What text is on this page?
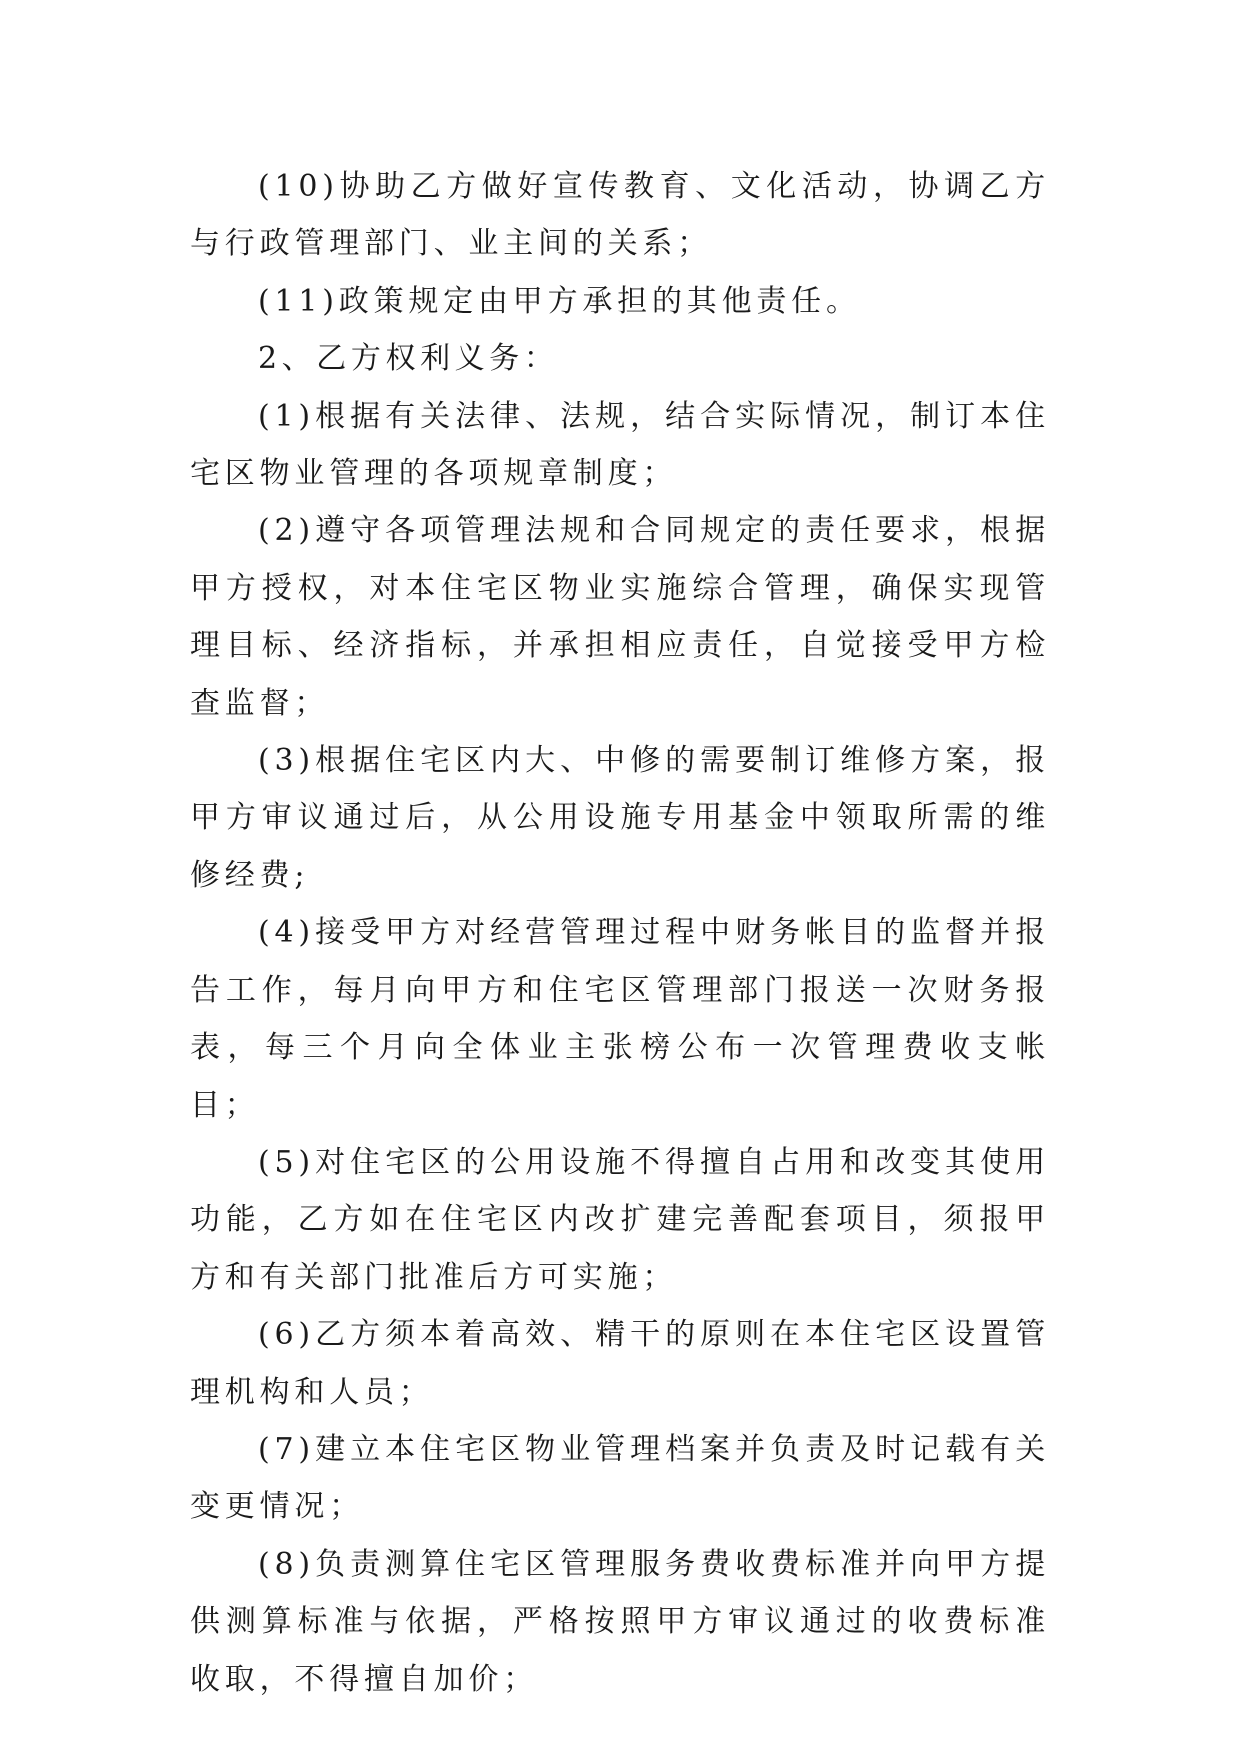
(10)协助乙方做好宣传教育、文化活动，协调乙方与行政管理部门、业主间的关系；

(11)政策规定由甲方承担的其他责任。

2、乙方权利义务：

(1)根据有关法律、法规，结合实际情况，制订本住宅区物业管理的各项规章制度；

(2)遵守各项管理法规和合同规定的责任要求，根据甲方授权，对本住宅区物业实施综合管理，确保实现管理目标、经济指标，并承担相应责任，自觉接受甲方检查监督；

(3)根据住宅区内大、中修的需要制订维修方案，报甲方审议通过后，从公用设施专用基金中领取所需的维修经费;

(4)接受甲方对经营管理过程中财务帐目的监督并报告工作，每月向甲方和住宅区管理部门报送一次财务报表，每三个月向全体业主张榜公布一次管理费收支帐目；

(5)对住宅区的公用设施不得擅自占用和改变其使用功能，乙方如在住宅区内改扩建完善配套项目，须报甲方和有关部门批准后方可实施；

(6)乙方须本着高效、精干的原则在本住宅区设置管理机构和人员；

(7)建立本住宅区物业管理档案并负责及时记载有关变更情况；

(8)负责测算住宅区管理服务费收费标准并向甲方提供测算标准与依据，严格按照甲方审议通过的收费标准收取，不得擅自加价；
